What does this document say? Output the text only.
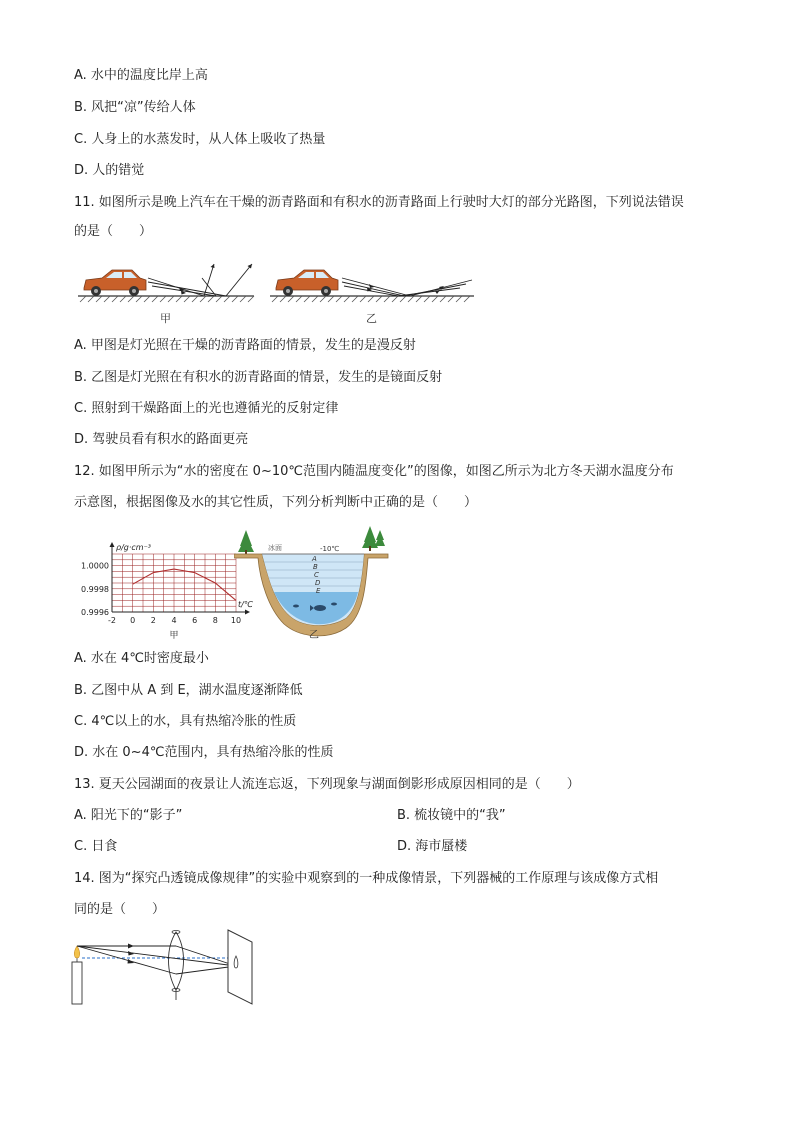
A. 水中的温度比岸上高
B. 风把“凉”传给人体
C. 人身上的水蒸发时，从人体上吸收了热量
D. 人的错觉
11. 如图所示是晚上汽车在干燥的沥青路面和有积水的沥青路面上行驶时大灯的部分光路图，下列说法错误
的是（　　）
甲	乙
A. 甲图是灯光照在干燥的沥青路面的情景，发生的是漫反射
B. 乙图是灯光照在有积水的沥青路面的情景，发生的是镜面反射
C. 照射到干燥路面上的光也遵循光的反射定律
D. 驾驶员看有积水的路面更亮
12. 如图甲所示为“水的密度在 0~10℃范围内随温度变化”的图像，如图乙所示为北方冬天湖水温度分布
示意图，根据图像及水的其它性质，下列分析判断中正确的是（　　）
-2 0 2 4 6 8 10
1.0000
0.9998
0.9996
t/℃
ρ/g·cm⁻³
甲
冰面	-10℃
A
B
C
D
E
乙
A. 水在 4℃时密度最小
B. 乙图中从 A 到 E，湖水温度逐渐降低
C. 4℃以上的水，具有热缩冷胀的性质
D. 水在 0~4℃范围内，具有热缩冷胀的性质
13. 夏天公园湖面的夜景让人流连忘返，下列现象与湖面倒影形成原因相同的是（　　）
A. 阳光下的“影子”	B. 梳妆镜中的“我”
C. 日食	D. 海市蜃楼
14. 图为“探究凸透镜成像规律”的实验中观察到的一种成像情景，下列器械的工作原理与该成像方式相
同的是（　　）
